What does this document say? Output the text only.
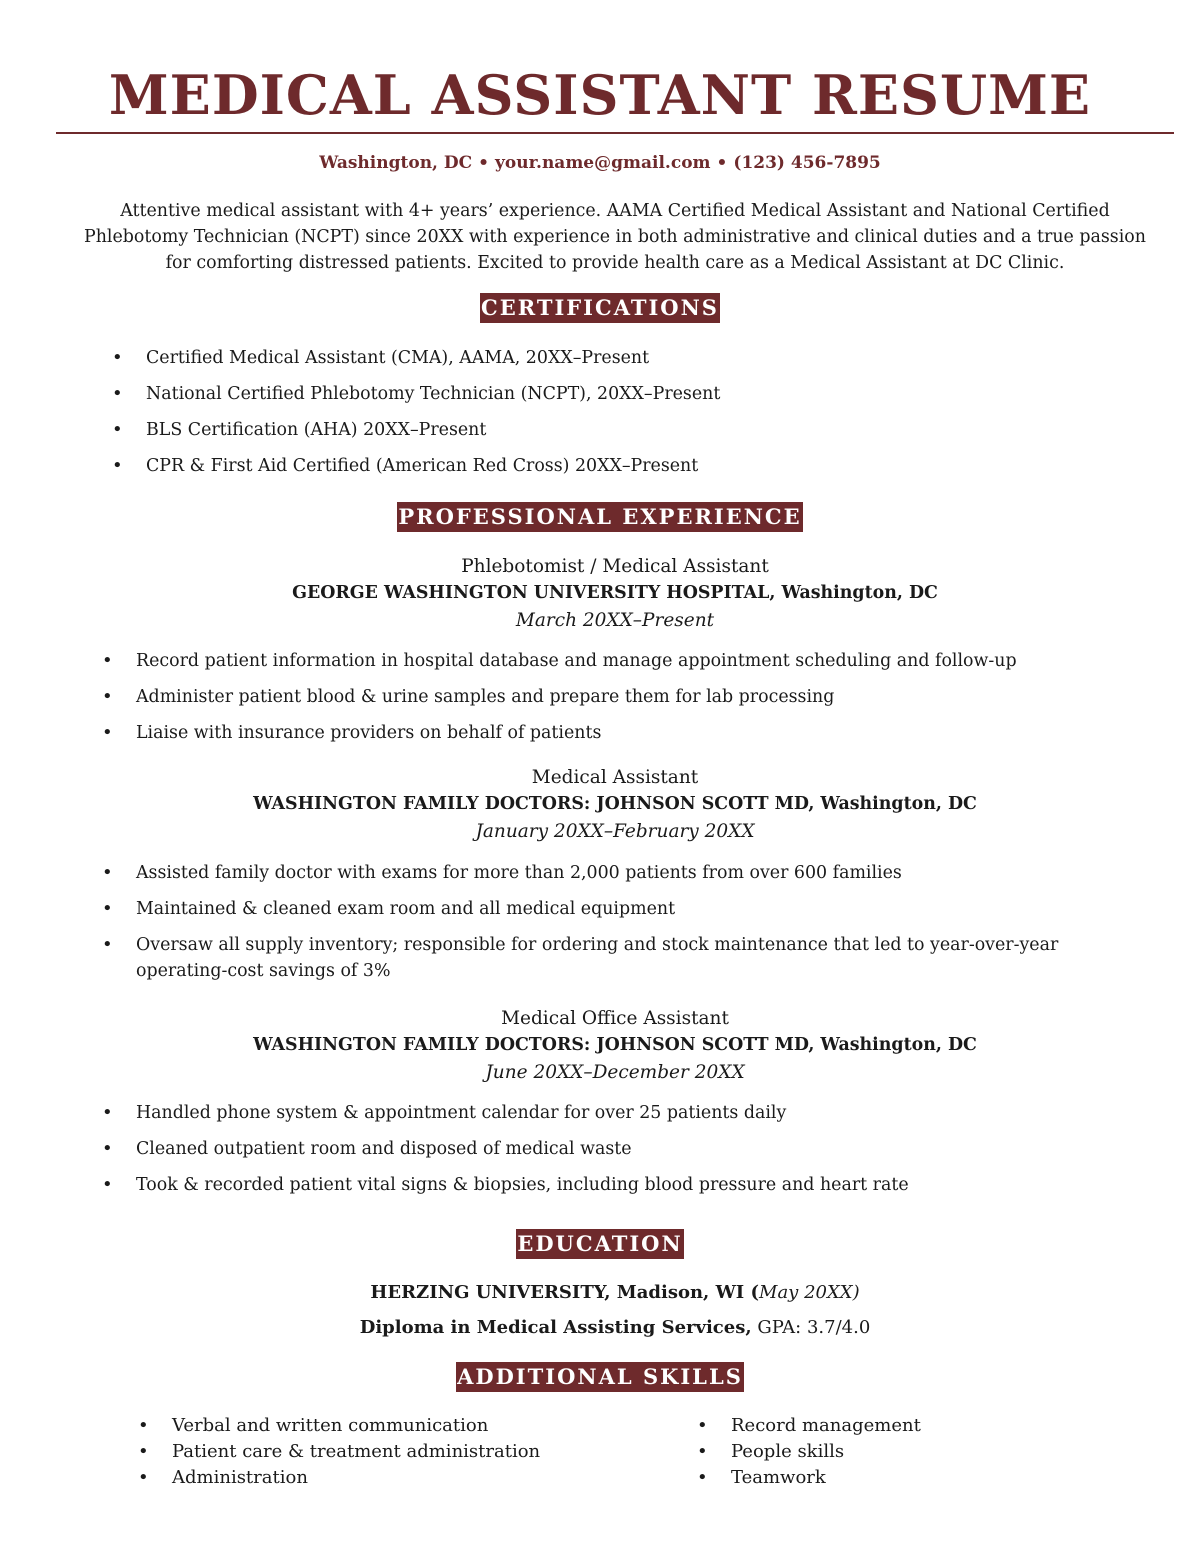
MEDICAL ASSISTANT RESUME
Washington, DC • your.name@gmail.com • (123) 456-7895
Attentive medical assistant with 4+ years’ experience. AAMA Certified Medical Assistant and National Certified Phlebotomy Technician (NCPT) since 20XX with experience in both administrative and clinical duties and a true passion for comforting distressed patients. Excited to provide health care as a Medical Assistant at DC Clinic.
CERTIFICATIONS
• Certified Medical Assistant (CMA), AAMA, 20XX–Present
• National Certified Phlebotomy Technician (NCPT), 20XX–Present
• BLS Certification (AHA) 20XX–Present
• CPR & First Aid Certified (American Red Cross) 20XX–Present
PROFESSIONAL EXPERIENCE
Phlebotomist / Medical Assistant
GEORGE WASHINGTON UNIVERSITY HOSPITAL, Washington, DC
March 20XX–Present
• Record patient information in hospital database and manage appointment scheduling and follow-up
• Administer patient blood & urine samples and prepare them for lab processing
• Liaise with insurance providers on behalf of patients
Medical Assistant
WASHINGTON FAMILY DOCTORS: JOHNSON SCOTT MD, Washington, DC
January 20XX–February 20XX
• Assisted family doctor with exams for more than 2,000 patients from over 600 families
• Maintained & cleaned exam room and all medical equipment
• Oversaw all supply inventory; responsible for ordering and stock maintenance that led to year-over-year operating-cost savings of 3%
Medical Office Assistant
WASHINGTON FAMILY DOCTORS: JOHNSON SCOTT MD, Washington, DC
June 20XX–December 20XX
• Handled phone system & appointment calendar for over 25 patients daily
• Cleaned outpatient room and disposed of medical waste
• Took & recorded patient vital signs & biopsies, including blood pressure and heart rate
EDUCATION
HERZING UNIVERSITY, Madison, WI (May 20XX)
Diploma in Medical Assisting Services, GPA: 3.7/4.0
ADDITIONAL SKILLS
• Verbal and written communication
• Patient care & treatment administration
• Administration
• Record management
• People skills
• Teamwork
